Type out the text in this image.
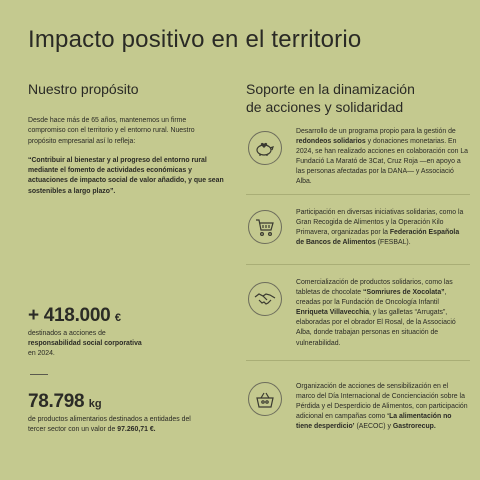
Impacto positivo en el territorio
Nuestro propósito

Desde hace más de 65 años, mantenemos un firme compromiso con el territorio y el entorno rural. Nuestro propósito empresarial así lo refleja:

“Contribuir al bienestar y al progreso del entorno rural mediante el fomento de actividades económicas y actuaciones de impacto social de valor añadido, y que sean sostenibles a largo plazo”.

+ 418.000 €
destinados a acciones de
responsabilidad social corporativa
en 2024.
78.798 kg
de productos alimentarios destinados a entidades del tercer sector con un valor de 97.260,71 €.
Soporte en la dinamización
de acciones y solidaridad

Desarrollo de un programa propio para la gestión de redondeos solidarios y donaciones monetarias. En 2024, se han realizado acciones en colaboración con La Fundació La Marató de 3Cat, Cruz Roja —en apoyo a las personas afectadas por la DANA— y Associació Alba.

Participación en diversas iniciativas solidarias, como la Gran Recogida de Alimentos y la Operación Kilo Primavera, organizadas por la Federación Española de Bancos de Alimentos (FESBAL).

Comercialización de productos solidarios, como las tabletas de chocolate “Somriures de Xocolata”, creadas por la Fundación de Oncología Infantil Enriqueta Villavecchia, y las galletas “Arrugats”, elaboradas por el obrador El Rosal, de la Associació Alba, donde trabajan personas en situación de vulnerabilidad.

Organización de acciones de sensibilización en el marco del Día Internacional de Concienciación sobre la Pérdida y el Desperdicio de Alimentos, con participación adicional en campañas como ‘La alimentación no tiene desperdicio’ (AECOC) y Gastrorecup.
